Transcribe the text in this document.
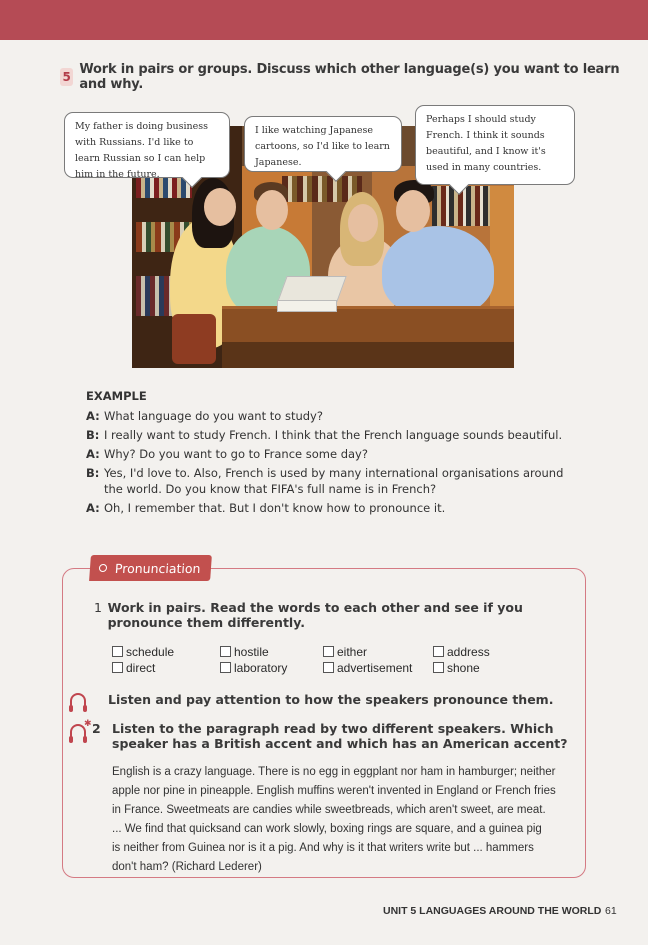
5 Work in pairs or groups. Discuss which other language(s) you want to learn and why.
My father is doing business with Russians. I'd like to learn Russian so I can help him in the future.
I like watching Japanese cartoons, so I'd like to learn Japanese.
Perhaps I should study French. I think it sounds beautiful, and I know it's used in many countries.
EXAMPLE
A: What language do you want to study?
B: I really want to study French. I think that the French language sounds beautiful.
A: Why? Do you want to go to France some day?
B: Yes, I'd love to. Also, French is used by many international organisations around the world. Do you know that FIFA's full name is in French?
A: Oh, I remember that. But I don't know how to pronounce it.
Pronunciation
1 Work in pairs. Read the words to each other and see if you pronounce them differently.
schedule	hostile	either	address
direct	laboratory	advertisement	shone
Listen and pay attention to how the speakers pronounce them.
✱ 2 Listen to the paragraph read by two different speakers. Which speaker has a British accent and which has an American accent?
English is a crazy language. There is no egg in eggplant nor ham in hamburger; neither
apple nor pine in pineapple. English muffins weren't invented in England or French fries
in France. Sweetmeats are candies while sweetbreads, which aren't sweet, are meat.
... We find that quicksand can work slowly, boxing rings are square, and a guinea pig
is neither from Guinea nor is it a pig. And why is it that writers write but ... hammers
don't ham? (Richard Lederer)
UNIT 5 LANGUAGES AROUND THE WORLD 61
